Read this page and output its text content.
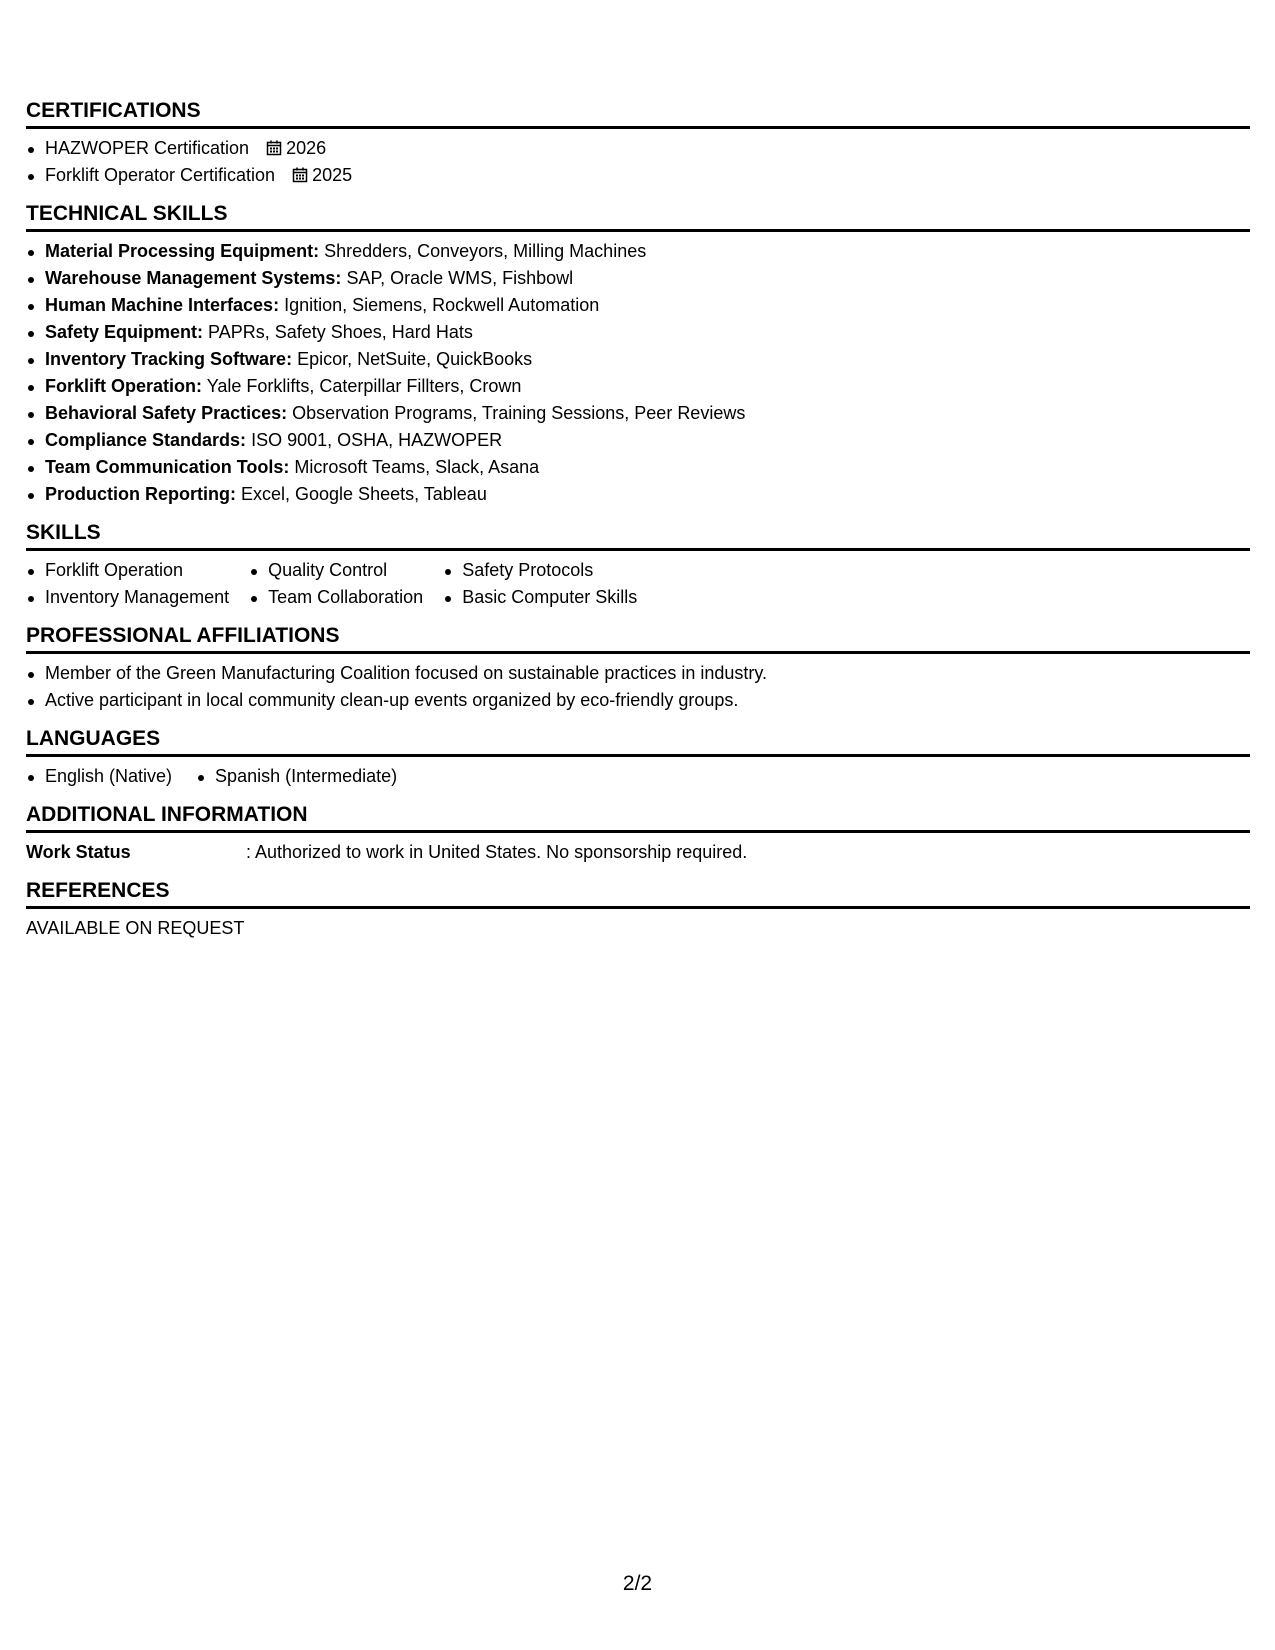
CERTIFICATIONS
HAZWOPER Certification 2026
Forklift Operator Certification 2025
TECHNICAL SKILLS
Material Processing Equipment: Shredders, Conveyors, Milling Machines
Warehouse Management Systems: SAP, Oracle WMS, Fishbowl
Human Machine Interfaces: Ignition, Siemens, Rockwell Automation
Safety Equipment: PAPRs, Safety Shoes, Hard Hats
Inventory Tracking Software: Epicor, NetSuite, QuickBooks
Forklift Operation: Yale Forklifts, Caterpillar Fillters, Crown
Behavioral Safety Practices: Observation Programs, Training Sessions, Peer Reviews
Compliance Standards: ISO 9001, OSHA, HAZWOPER
Team Communication Tools: Microsoft Teams, Slack, Asana
Production Reporting: Excel, Google Sheets, Tableau
SKILLS
Forklift Operation
Inventory Management
Quality Control
Team Collaboration
Safety Protocols
Basic Computer Skills
PROFESSIONAL AFFILIATIONS
Member of the Green Manufacturing Coalition focused on sustainable practices in industry.
Active participant in local community clean-up events organized by eco-friendly groups.
LANGUAGES
English (Native)	Spanish (Intermediate)
ADDITIONAL INFORMATION
Work Status	: Authorized to work in United States. No sponsorship required.
REFERENCES
AVAILABLE ON REQUEST
2/2
